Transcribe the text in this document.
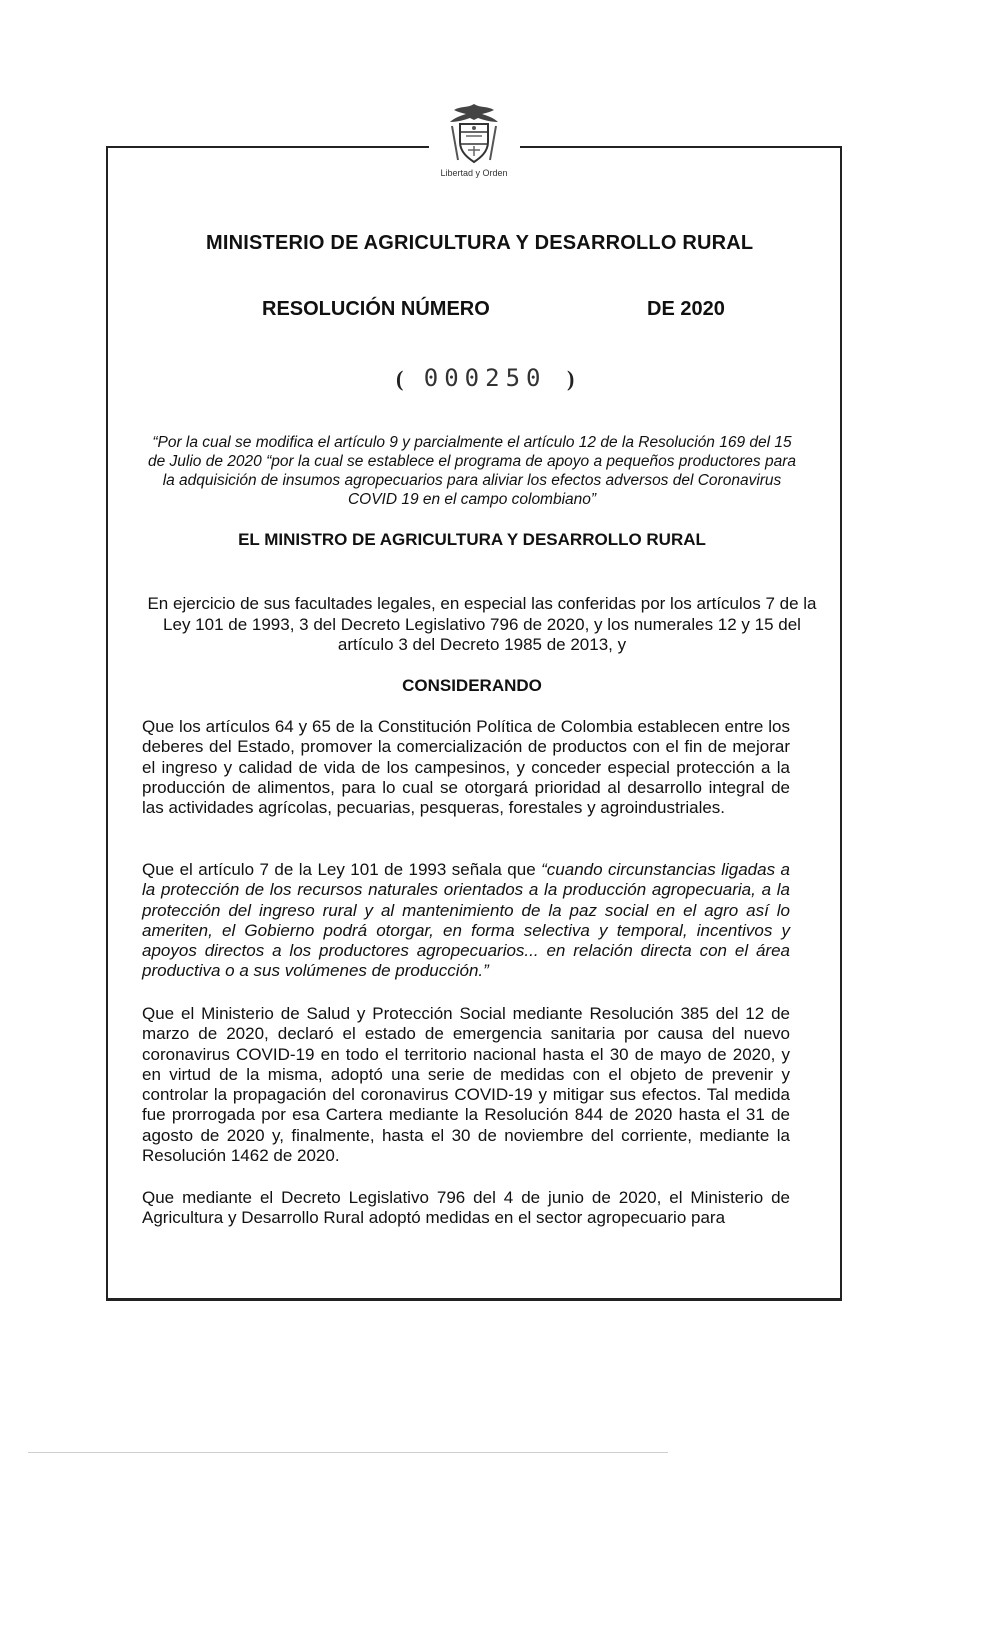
Libertad y Orden
MINISTERIO DE AGRICULTURA Y DESARROLLO RURAL
RESOLUCIÓN NÚMERO	DE 2020
( 000250 )
“Por la cual se modifica el artículo 9 y parcialmente el artículo 12 de la Resolución 169 del 15 de Julio de 2020 “por la cual se establece el programa de apoyo a pequeños productores para la adquisición de insumos agropecuarios para aliviar los efectos adversos del Coronavirus COVID 19 en el campo colombiano”
EL MINISTRO DE AGRICULTURA Y DESARROLLO RURAL
En ejercicio de sus facultades legales, en especial las conferidas por los artículos 7 de la Ley 101 de 1993, 3 del Decreto Legislativo 796 de 2020, y los numerales 12 y 15 del artículo 3 del Decreto 1985 de 2013, y
CONSIDERANDO
Que los artículos 64 y 65 de la Constitución Política de Colombia establecen entre los deberes del Estado, promover la comercialización de productos con el fin de mejorar el ingreso y calidad de vida de los campesinos, y conceder especial protección a la producción de alimentos, para lo cual se otorgará prioridad al desarrollo integral de las actividades agrícolas, pecuarias, pesqueras, forestales y agroindustriales.
Que el artículo 7 de la Ley 101 de 1993 señala que “cuando circunstancias ligadas a la protección de los recursos naturales orientados a la producción agropecuaria, a la protección del ingreso rural y al mantenimiento de la paz social en el agro así lo ameriten, el Gobierno podrá otorgar, en forma selectiva y temporal, incentivos y apoyos directos a los productores agropecuarios... en relación directa con el área productiva o a sus volúmenes de producción.”
Que el Ministerio de Salud y Protección Social mediante Resolución 385 del 12 de marzo de 2020, declaró el estado de emergencia sanitaria por causa del nuevo coronavirus COVID-19 en todo el territorio nacional hasta el 30 de mayo de 2020, y en virtud de la misma, adoptó una serie de medidas con el objeto de prevenir y controlar la propagación del coronavirus COVID-19 y mitigar sus efectos. Tal medida fue prorrogada por esa Cartera mediante la Resolución 844 de 2020 hasta el 31 de agosto de 2020 y, finalmente, hasta el 30 de noviembre del corriente, mediante la Resolución 1462 de 2020.
Que mediante el Decreto Legislativo 796 del 4 de junio de 2020, el Ministerio de Agricultura y Desarrollo Rural adoptó medidas en el sector agropecuario para
